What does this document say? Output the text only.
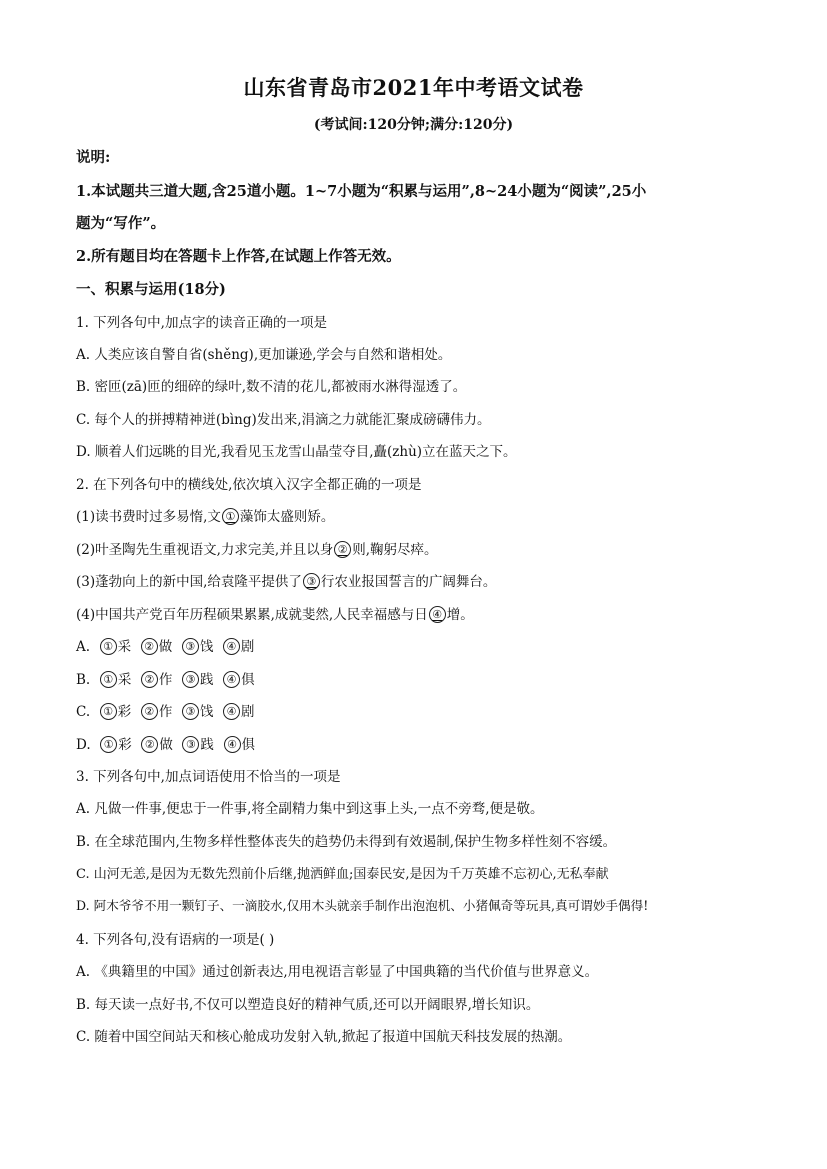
山东省青岛市2021年中考语文试卷
(考试间:120分钟;满分:120分)
说明:
1.本试题共三道大题,含25道小题。1~7小题为“积累与运用”,8~24小题为“阅读”,25小
题为“写作”。
2.所有题目均在答题卡上作答,在试题上作答无效。
一、积累与运用(18分)
1. 下列各句中,加点字的读音正确的一项是
A. 人类应该自警自省(shěng),更加谦逊,学会与自然和谐相处。
B. 密匝(zā)匝的细碎的绿叶,数不清的花儿,都被雨水淋得湿透了。
C. 每个人的拼搏精神迸(bìng)发出来,涓滴之力就能汇聚成磅礴伟力。
D. 顺着人们远眺的目光,我看见玉龙雪山晶莹夺目,矗(zhù)立在蓝天之下。
2. 在下列各句中的横线处,依次填入汉字全都正确的一项是
(1)读书费时过多易惰,文 ① 藻饰太盛则矫。
(2)叶圣陶先生重视语文,力求完美,并且以身 ② 则,鞠躬尽瘁。
(3)蓬勃向上的新中国,给袁隆平提供了 ③ 行农业报国誓言的广阔舞台。
(4)中国共产党百年历程硕果累累,成就斐然,人民幸福感与日 ④ 增。
A. ① 采 ② 做 ③ 饯 ④ 剧
B. ① 采 ② 作 ③ 践 ④ 俱
C. ① 彩 ② 作 ③ 饯 ④ 剧
D. ① 彩 ② 做 ③ 践 ④ 俱
3. 下列各句中,加点词语使用不恰当的一项是
A. 凡做一件事,便忠于一件事,将全副精力集中到这事上头,一点不旁骛,便是敬。
B. 在全球范围内,生物多样性整体丧失的趋势仍未得到有效遏制,保护生物多样性刻不容缓。
C. 山河无恙,是因为无数先烈前仆后继,抛洒鲜血;国泰民安,是因为千万英雄不忘初心,无私奉献
D. 阿木爷爷不用一颗钉子、一滴胶水,仅用木头就亲手制作出泡泡机、小猪佩奇等玩具,真可谓妙手偶得!
4. 下列各句,没有语病的一项是( )
A. 《典籍里的中国》通过创新表达,用电视语言彰显了中国典籍的当代价值与世界意义。
B. 每天读一点好书,不仅可以塑造良好的精神气质,还可以开阔眼界,增长知识。
C. 随着中国空间站天和核心舱成功发射入轨,掀起了报道中国航天科技发展的热潮。
